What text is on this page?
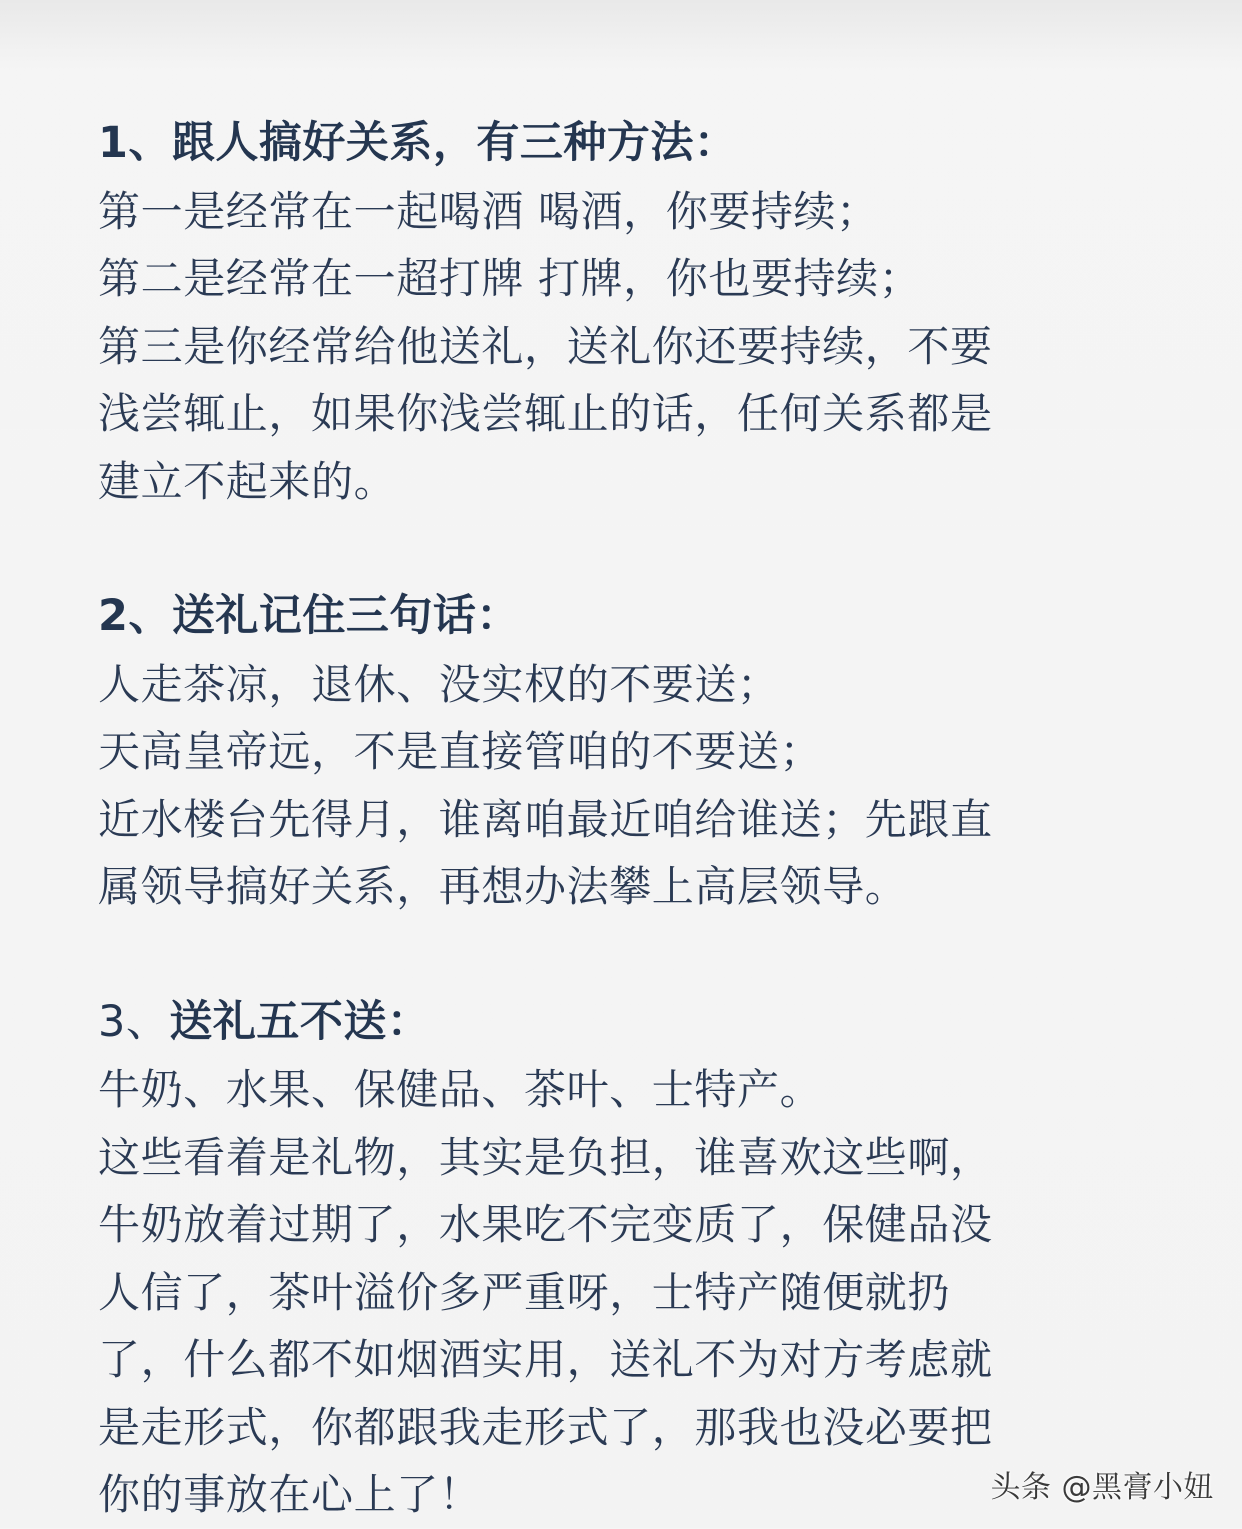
1、跟人搞好关系，有三种方法：
第一是经常在一起喝酒 喝酒，你要持续；
第二是经常在一超打牌 打牌，你也要持续；
第三是你经常给他送礼，送礼你还要持续，不要
浅尝辄止，如果你浅尝辄止的话，任何关系都是
建立不起来的。
2、送礼记住三句话：
人走茶凉，退休、没实权的不要送；
天高皇帝远，不是直接管咱的不要送；
近水楼台先得月，谁离咱最近咱给谁送；先跟直
属领导搞好关系，再想办法攀上高层领导。
3、送礼五不送：
牛奶、水果、保健品、茶叶、士特产。
这些看着是礼物，其实是负担，谁喜欢这些啊，
牛奶放着过期了，水果吃不完变质了，保健品没
人信了，茶叶溢价多严重呀，士特产随便就扔
了，什么都不如烟酒实用，送礼不为对方考虑就
是走形式，你都跟我走形式了，那我也没必要把
你的事放在心上了！	头条 @黑膏小妞
